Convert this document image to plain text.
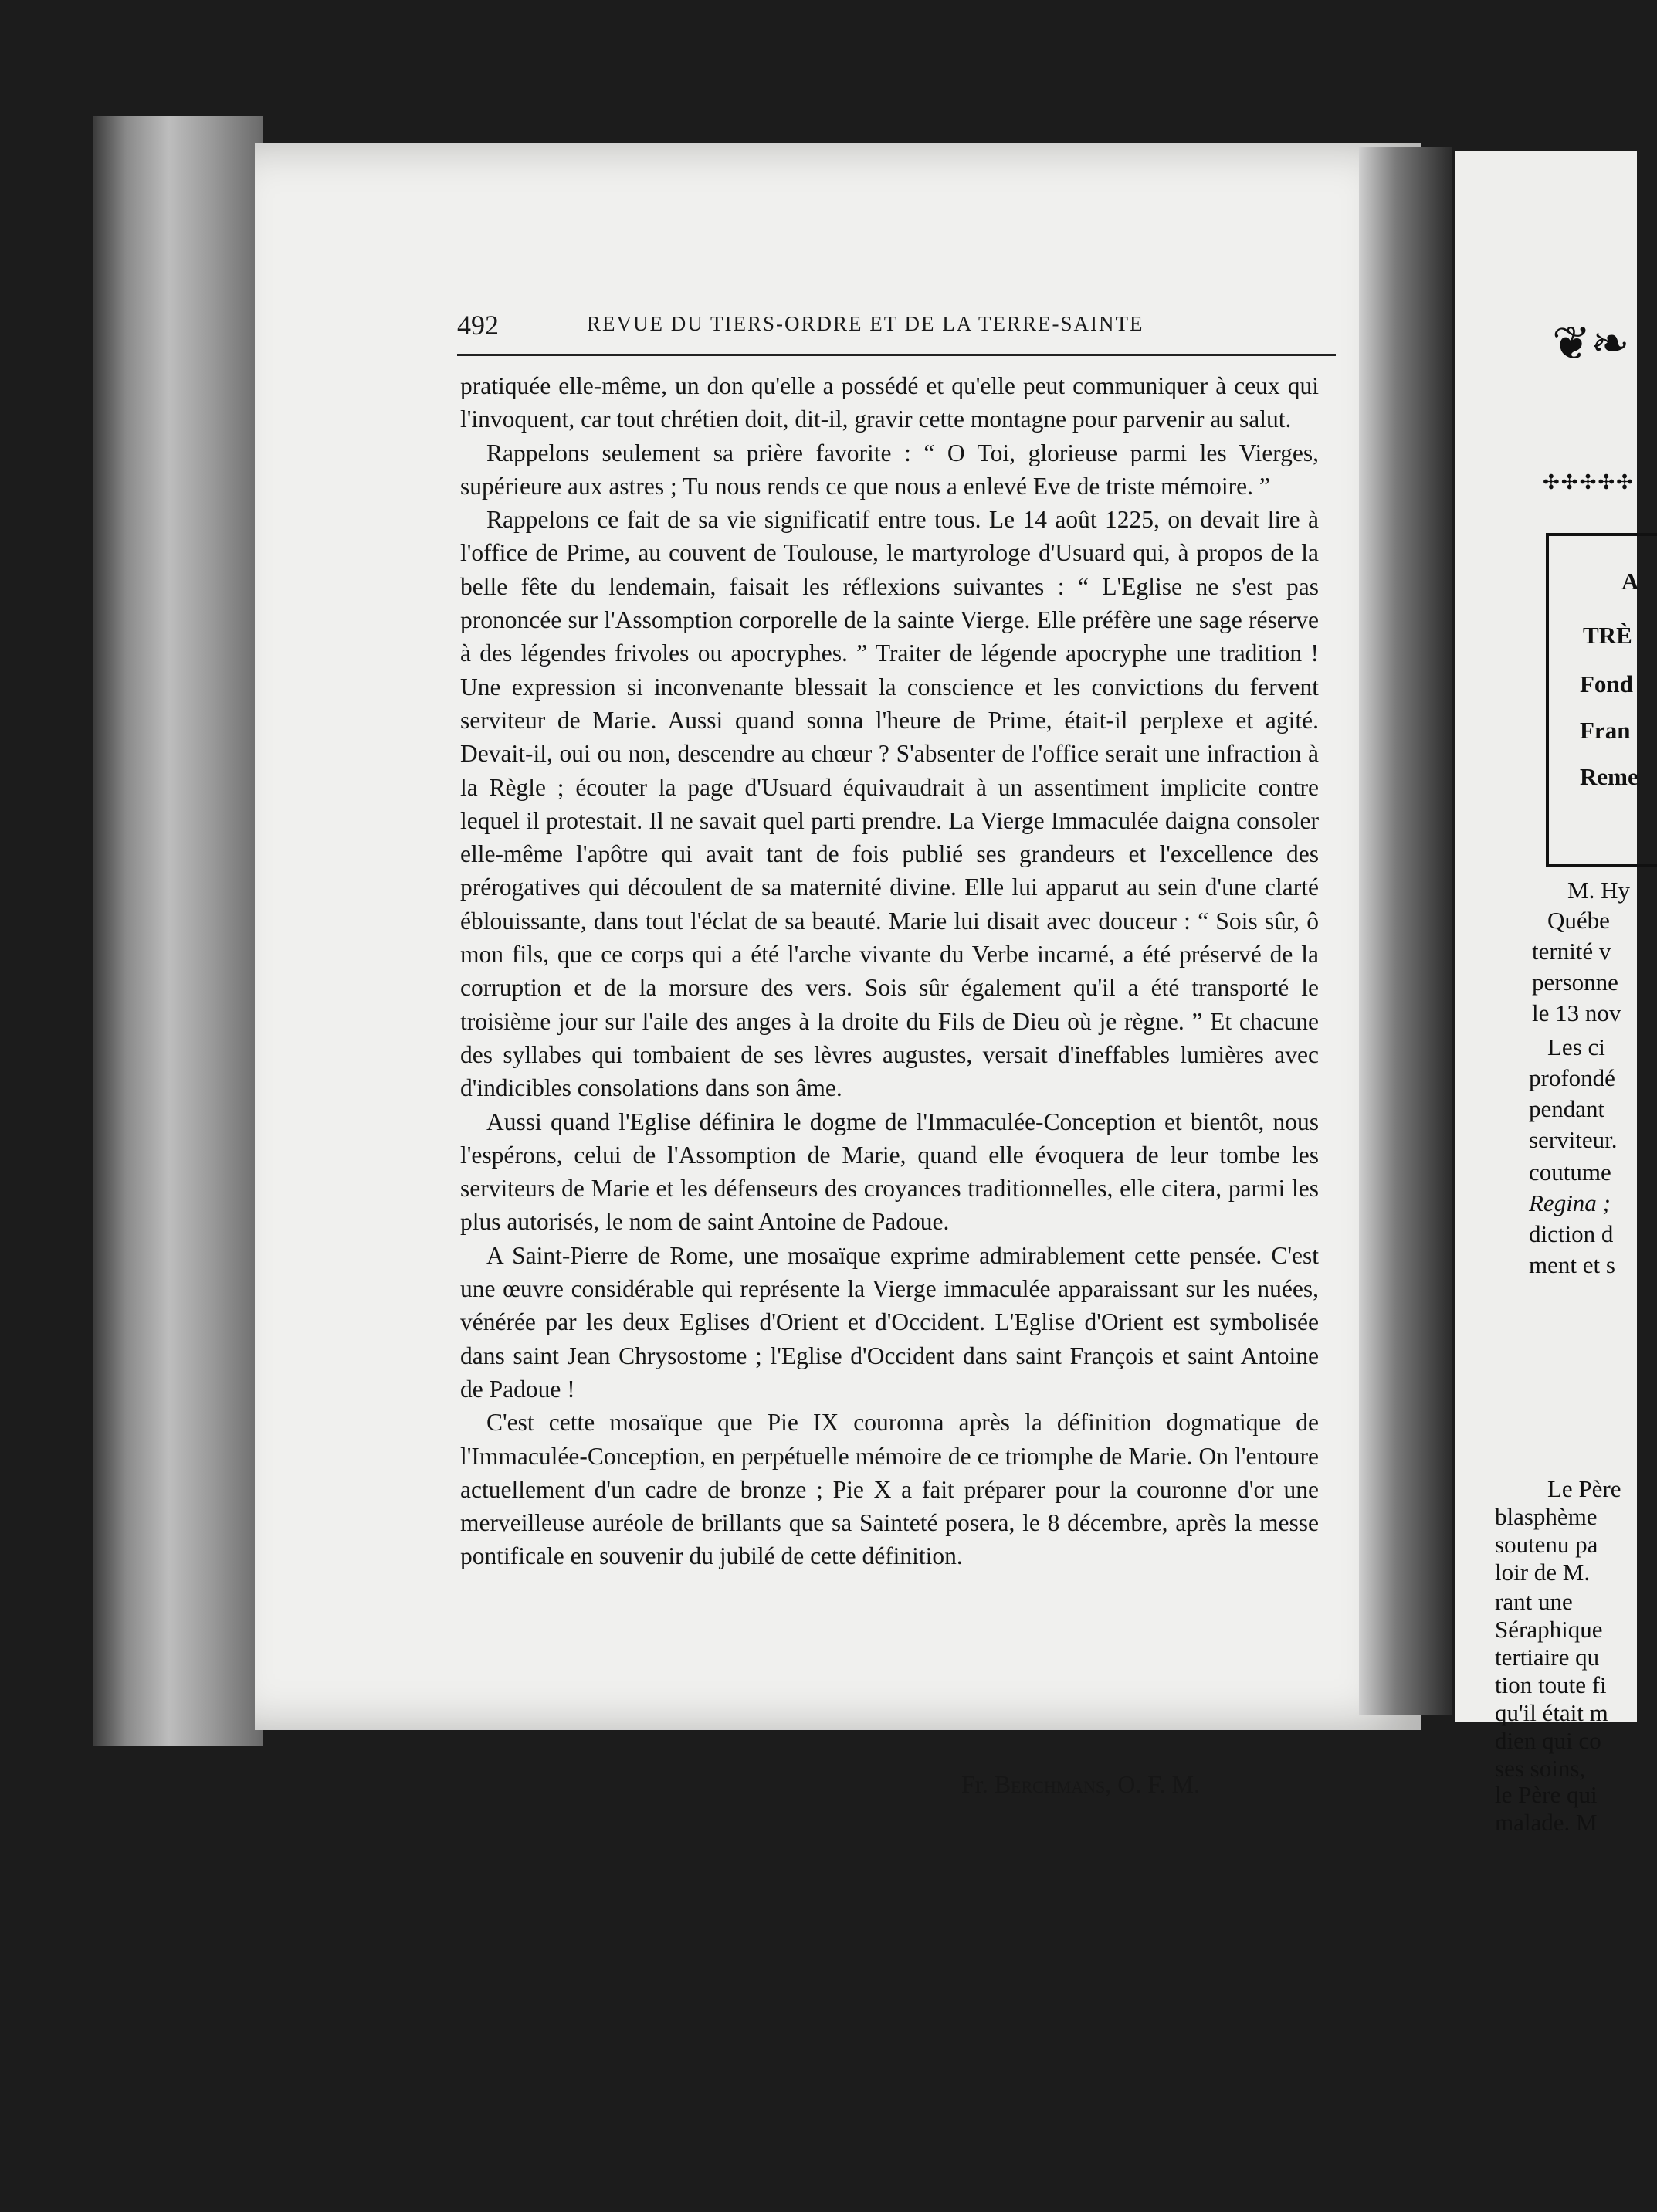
492	REVUE DU TIERS-ORDRE ET DE LA TERRE-SAINTE

pratiquée elle-même, un don qu'elle a possédé et qu'elle peut communiquer à ceux qui l'invoquent, car tout chrétien doit, dit-il, gravir cette montagne pour parvenir au salut.

Rappelons seulement sa prière favorite : “ O Toi, glorieuse parmi les Vierges, supérieure aux astres ; Tu nous rends ce que nous a enlevé Eve de triste mémoire. ”

Rappelons ce fait de sa vie significatif entre tous. Le 14 août 1225, on devait lire à l'office de Prime, au couvent de Toulouse, le martyrologe d'Usuard qui, à propos de la belle fête du lendemain, faisait les réflexions suivantes : “ L'Eglise ne s'est pas prononcée sur l'Assomption corporelle de la sainte Vierge. Elle préfère une sage réserve à des légendes frivoles ou apocryphes. ” Traiter de légende apocryphe une tradition ! Une expression si inconvenante blessait la conscience et les convictions du fervent serviteur de Marie. Aussi quand sonna l'heure de Prime, était-il perplexe et agité. Devait-il, oui ou non, descendre au chœur ? S'absenter de l'office serait une infraction à la Règle ; écouter la page d'Usuard équivaudrait à un assentiment implicite contre lequel il protestait. Il ne savait quel parti prendre. La Vierge Immaculée daigna consoler elle-même l'apôtre qui avait tant de fois publié ses grandeurs et l'excellence des prérogatives qui découlent de sa maternité divine. Elle lui apparut au sein d'une clarté éblouissante, dans tout l'éclat de sa beauté. Marie lui disait avec douceur : “ Sois sûr, ô mon fils, que ce corps qui a été l'arche vivante du Verbe incarné, a été préservé de la corruption et de la morsure des vers. Sois sûr également qu'il a été transporté le troisième jour sur l'aile des anges à la droite du Fils de Dieu où je règne. ” Et chacune des syllabes qui tombaient de ses lèvres augustes, versait d'ineffables lumières avec d'indicibles consolations dans son âme.

Aussi quand l'Eglise définira le dogme de l'Immaculée-Conception et bientôt, nous l'espérons, celui de l'Assomption de Marie, quand elle évoquera de leur tombe les serviteurs de Marie et les défenseurs des croyances traditionnelles, elle citera, parmi les plus autorisés, le nom de saint Antoine de Padoue.

A Saint-Pierre de Rome, une mosaïque exprime admirablement cette pensée. C'est une œuvre considérable qui représente la Vierge immaculée apparaissant sur les nuées, vénérée par les deux Eglises d'Orient et d'Occident. L'Eglise d'Orient est symbolisée dans saint Jean Chrysostome ; l'Eglise d'Occident dans saint François et saint Antoine de Padoue !

C'est cette mosaïque que Pie IX couronna après la définition dogmatique de l'Immaculée-Conception, en perpétuelle mémoire de ce triomphe de Marie. On l'entoure actuellement d'un cadre de bronze ; Pie X a fait préparer pour la couronne d'or une merveilleuse auréole de brillants que sa Sainteté posera, le 8 décembre, après la messe pontificale en souvenir du jubilé de cette définition.

Fr. Berchmans, O. F. M.
❦❧
✣✣✣✣✣
A
TRÈ
Fond
Fran
Reme
M. Hy
Québe
ternité v
personne
le 13 nov
Les ci
profondé
pendant
serviteur.
coutume
Regina ;
diction d
ment et s
Le Père
blasphème
soutenu pa
loir de M.
rant une
Séraphique
tertiaire qu
tion toute fi
qu'il était m
dien qui co
ses soins,
le Père qui
malade. M
